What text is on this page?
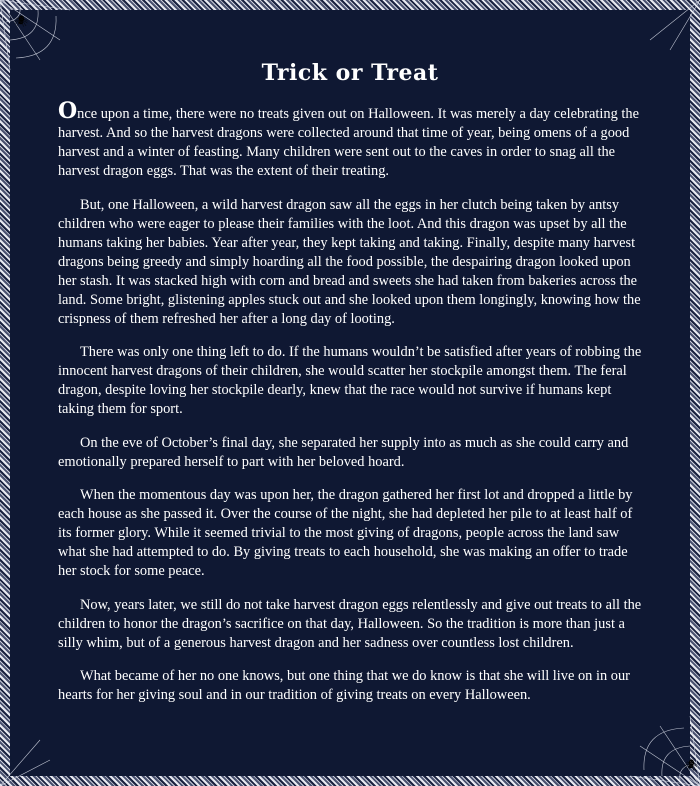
🕷
🕷
Trick or Treat

Once upon a time, there were no treats given out on Halloween. It was merely a day celebrating the harvest. And so the harvest dragons were collected around that time of year, being omens of a good harvest and a winter of feasting. Many children were sent out to the caves in order to snag all the harvest dragon eggs. That was the extent of their treating.

But, one Halloween, a wild harvest dragon saw all the eggs in her clutch being taken by antsy children who were eager to please their families with the loot. And this dragon was upset by all the humans taking her babies. Year after year, they kept taking and taking. Finally, despite many harvest dragons being greedy and simply hoarding all the food possible, the despairing dragon looked upon her stash. It was stacked high with corn and bread and sweets she had taken from bakeries across the land. Some bright, glistening apples stuck out and she looked upon them longingly, knowing how the crispness of them refreshed her after a long day of looting.

There was only one thing left to do. If the humans wouldn’t be satisfied after years of robbing the innocent harvest dragons of their children, she would scatter her stockpile amongst them. The feral dragon, despite loving her stockpile dearly, knew that the race would not survive if humans kept taking them for sport.

On the eve of October’s final day, she separated her supply into as much as she could carry and emotionally prepared herself to part with her beloved hoard.

When the momentous day was upon her, the dragon gathered her first lot and dropped a little by each house as she passed it. Over the course of the night, she had depleted her pile to at least half of its former glory. While it seemed trivial to the most giving of dragons, people across the land saw what she had attempted to do. By giving treats to each household, she was making an offer to trade her stock for some peace.

Now, years later, we still do not take harvest dragon eggs relentlessly and give out treats to all the children to honor the dragon’s sacrifice on that day, Halloween. So the tradition is more than just a silly whim, but of a generous harvest dragon and her sadness over countless lost children.

What became of her no one knows, but one thing that we do know is that she will live on in our hearts for her giving soul and in our tradition of giving treats on every Halloween.
